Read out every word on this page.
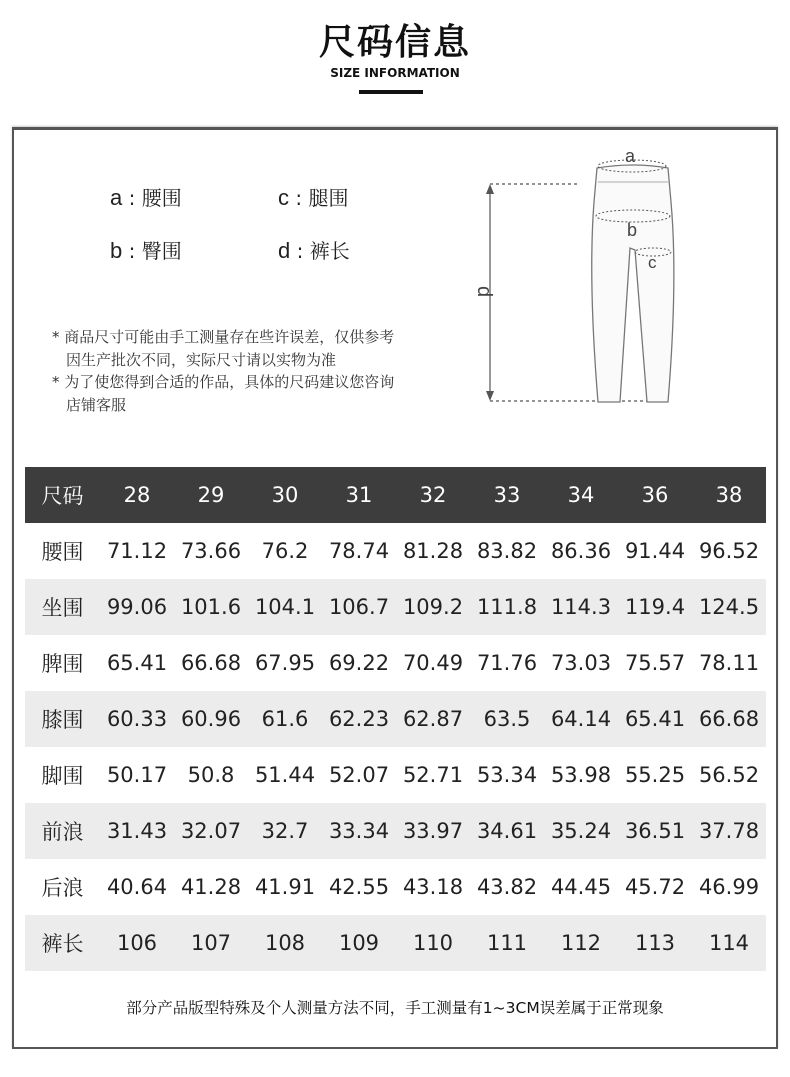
尺码信息
SIZE INFORMATION
a : 腰围	c : 腿围
b : 臀围	d : 裤长

* 商品尺寸可能由手工测量存在些许误差，仅供参考

因生产批次不同，实际尺寸请以实物为准

* 为了使您得到合适的作品，具体的尺码建议您咨询

店铺客服

d
a
b
c
尺码	28	29	30	31	32	33	34	36	38
腰围	71.12	73.66	76.2	78.74	81.28	83.82	86.36	91.44	96.52
坐围	99.06	101.6	104.1	106.7	109.2	111.8	114.3	119.4	124.5
脾围	65.41	66.68	67.95	69.22	70.49	71.76	73.03	75.57	78.11
膝围	60.33	60.96	61.6	62.23	62.87	63.5	64.14	65.41	66.68
脚围	50.17	50.8	51.44	52.07	52.71	53.34	53.98	55.25	56.52
前浪	31.43	32.07	32.7	33.34	33.97	34.61	35.24	36.51	37.78
后浪	40.64	41.28	41.91	42.55	43.18	43.82	44.45	45.72	46.99
裤长	106	107	108	109	110	111	112	113	114
部分产品版型特殊及个人测量方法不同，手工测量有1~3CM误差属于正常现象
